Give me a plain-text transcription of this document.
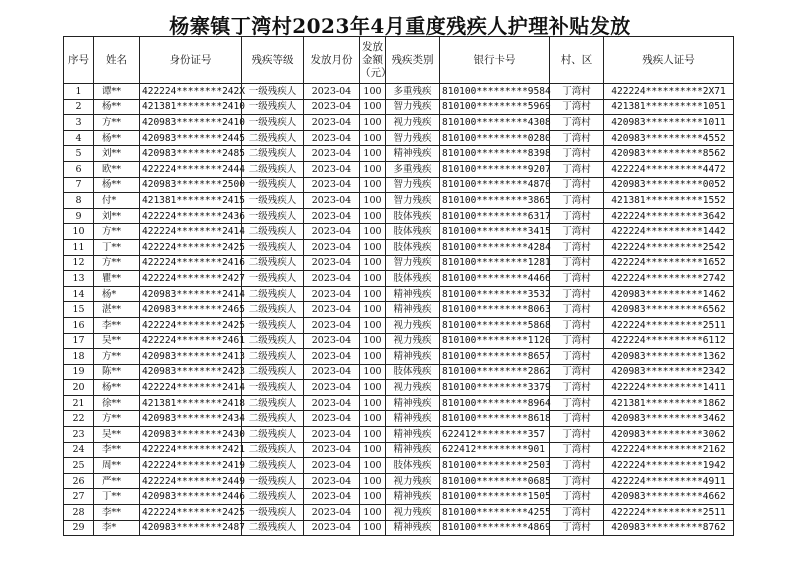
杨寨镇丁湾村2023年4月重度残疾人护理补贴发放
序号	姓名	身份证号	残疾等级	发放月份	发放金额（元）	残疾类别	银行卡号	村、区	残疾人证号
1	谭**	422224********242X	一级残疾人	2023-04	100	多重残疾	810100*********9584	丁湾村	422224**********2X71
2	杨**	421381********2410	一级残疾人	2023-04	100	智力残疾	810100*********5969	丁湾村	421381**********1051
3	方**	420983********2410	一级残疾人	2023-04	100	视力残疾	810100*********4308	丁湾村	420983**********1011
4	杨**	420983********2445	二级残疾人	2023-04	100	智力残疾	810100*********0280	丁湾村	420983**********4552
5	刘**	420983********2485	二级残疾人	2023-04	100	精神残疾	810100*********8398	丁湾村	420983**********8562
6	欧**	422224********2444	二级残疾人	2023-04	100	多重残疾	810100*********9207	丁湾村	422224**********4472
7	杨**	420983********2500	一级残疾人	2023-04	100	智力残疾	810100*********4870	丁湾村	420983**********0052
8	付*	421381********2415	一级残疾人	2023-04	100	智力残疾	810100*********3865	丁湾村	421381**********1552
9	刘**	422224********2436	一级残疾人	2023-04	100	肢体残疾	810100*********6317	丁湾村	422224**********3642
10	方**	422224********2414	二级残疾人	2023-04	100	肢体残疾	810100*********3415	丁湾村	422224**********1442
11	丁**	422224********2425	一级残疾人	2023-04	100	肢体残疾	810100*********4284	丁湾村	422224**********2542
12	方**	422224********2416	二级残疾人	2023-04	100	智力残疾	810100*********1281	丁湾村	422224**********1652
13	瞿**	422224********2427	一级残疾人	2023-04	100	肢体残疾	810100*********4466	丁湾村	422224**********2742
14	杨*	420983********2414	二级残疾人	2023-04	100	精神残疾	810100*********3532	丁湾村	420983**********1462
15	湛**	420983********2465	二级残疾人	2023-04	100	精神残疾	810100*********8063	丁湾村	420983**********6562
16	李**	422224********2425	一级残疾人	2023-04	100	视力残疾	810100*********5868	丁湾村	422224**********2511
17	吴**	422224********2461	二级残疾人	2023-04	100	视力残疾	810100*********1120	丁湾村	422224**********6112
18	方**	420983********2413	二级残疾人	2023-04	100	精神残疾	810100*********8657	丁湾村	420983**********1362
19	陈**	420983********2423	二级残疾人	2023-04	100	肢体残疾	810100*********2862	丁湾村	420983**********2342
20	杨**	422224********2414	一级残疾人	2023-04	100	视力残疾	810100*********3379	丁湾村	422224**********1411
21	徐**	421381********2418	二级残疾人	2023-04	100	精神残疾	810100*********8964	丁湾村	421381**********1862
22	方**	420983********2434	二级残疾人	2023-04	100	精神残疾	810100*********8618	丁湾村	420983**********3462
23	吴**	420983********2430	二级残疾人	2023-04	100	精神残疾	622412*********357	丁湾村	420983**********3062
24	李**	422224********2421	二级残疾人	2023-04	100	精神残疾	622412*********901	丁湾村	422224**********2162
25	周**	422224********2419	二级残疾人	2023-04	100	肢体残疾	810100*********2503	丁湾村	422224**********1942
26	严**	422224********2449	一级残疾人	2023-04	100	视力残疾	810100*********0685	丁湾村	422224**********4911
27	丁**	420983********2446	二级残疾人	2023-04	100	精神残疾	810100*********1505	丁湾村	420983**********4662
28	李**	422224********2425	一级残疾人	2023-04	100	视力残疾	810100*********4255	丁湾村	422224**********2511
29	李*	420983********2487	二级残疾人	2023-04	100	精神残疾	810100*********4869	丁湾村	420983**********8762
